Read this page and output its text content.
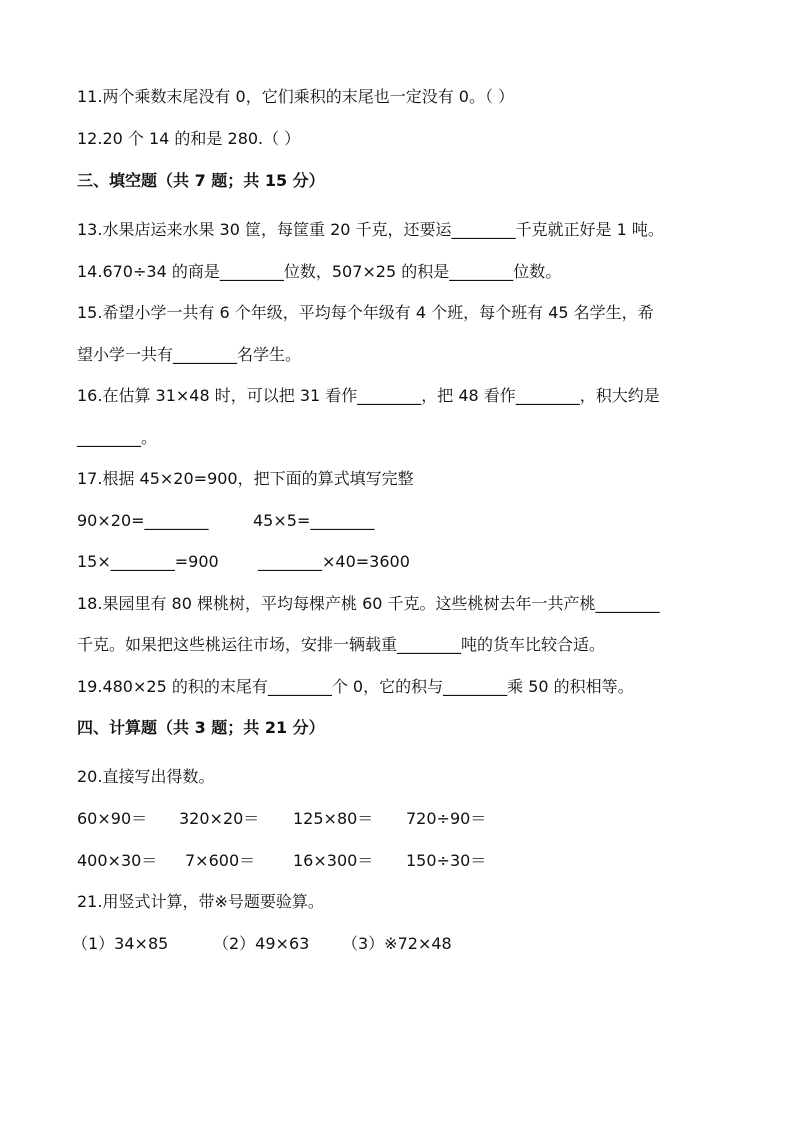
11.两个乘数末尾没有 0，它们乘积的末尾也一定没有 0。（ ）
12.20 个 14 的和是 280.（ ）
三、填空题（共 7 题；共 15 分）
13.水果店运来水果 30 筐，每筐重 20 千克，还要运________千克就正好是 1 吨。
14.670÷34 的商是________位数，507×25 的积是________位数。
15.希望小学一共有 6 个年级，平均每个年级有 4 个班，每个班有 45 名学生，希
望小学一共有________名学生。
16.在估算 31×48 时，可以把 31 看作________，把 48 看作________，积大约是
________。
17.根据 45×20=900，把下面的算式填写完整
90×20=________	45×5=________
15×________=900 ________×40=3600
18.果园里有 80 棵桃树，平均每棵产桃 60 千克。这些桃树去年一共产桃________
千克。如果把这些桃运往市场，安排一辆载重________吨的货车比较合适。
19.480×25 的积的末尾有________个 0，它的积与________乘 50 的积相等。
四、计算题（共 3 题；共 21 分）
20.直接写出得数。
60×90＝ 320×20＝ 125×80＝ 720÷90＝
400×30＝ 7×600＝ 16×300＝ 150÷30＝
21.用竖式计算，带※号题要验算。
（1）34×85	（2）49×63 （3）※72×48
